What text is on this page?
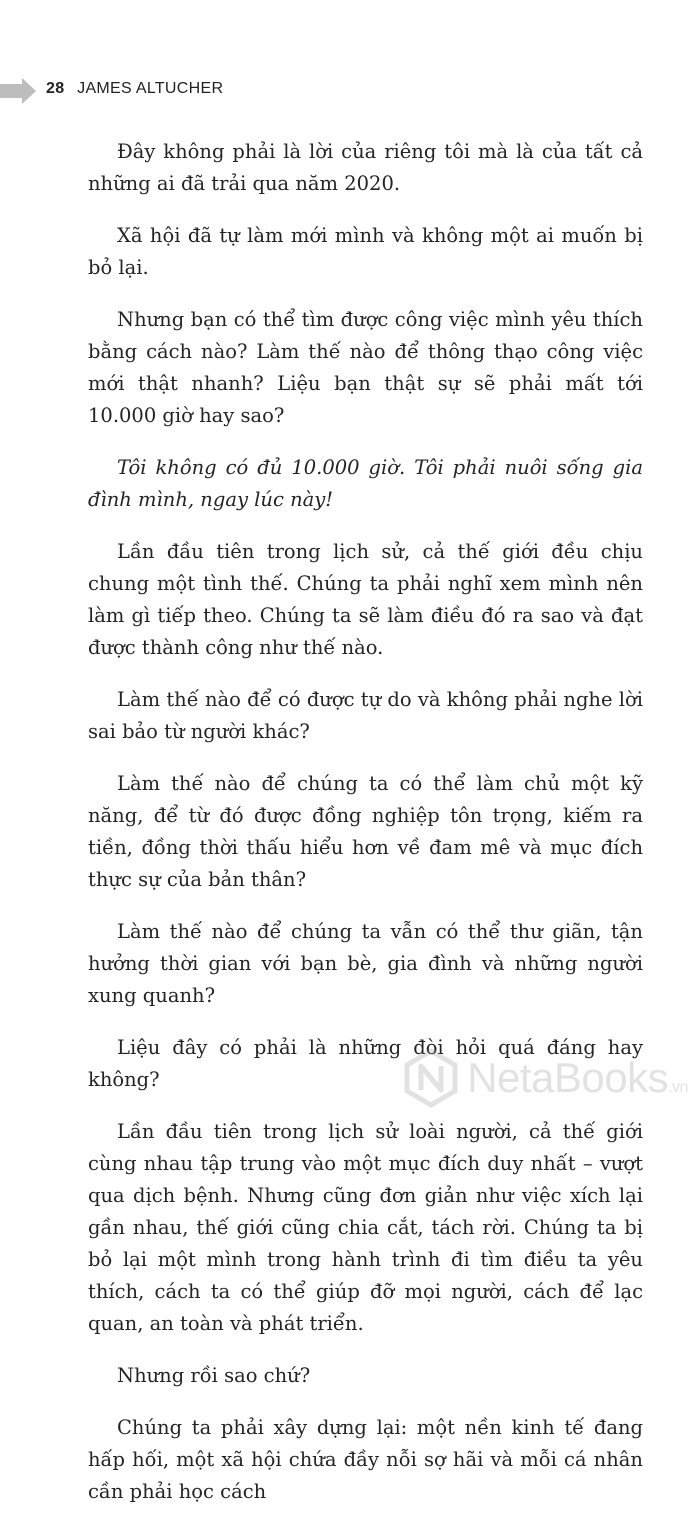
28 JAMES ALTUCHER

Đây không phải là lời của riêng tôi mà là của tất cả những ai đã trải qua năm 2020.

Xã hội đã tự làm mới mình và không một ai muốn bị bỏ lại.

Nhưng bạn có thể tìm được công việc mình yêu thích bằng cách nào? Làm thế nào để thông thạo công việc mới thật nhanh? Liệu bạn thật sự sẽ phải mất tới 10.000 giờ hay sao?

Tôi không có đủ 10.000 giờ. Tôi phải nuôi sống gia đình mình, ngay lúc này!

Lần đầu tiên trong lịch sử, cả thế giới đều chịu chung một tình thế. Chúng ta phải nghĩ xem mình nên làm gì tiếp theo. Chúng ta sẽ làm điều đó ra sao và đạt được thành công như thế nào.

Làm thế nào để có được tự do và không phải nghe lời sai bảo từ người khác?

Làm thế nào để chúng ta có thể làm chủ một kỹ năng, để từ đó được đồng nghiệp tôn trọng, kiếm ra tiền, đồng thời thấu hiểu hơn về đam mê và mục đích thực sự của bản thân?

Làm thế nào để chúng ta vẫn có thể thư giãn, tận hưởng thời gian với bạn bè, gia đình và những người xung quanh?

Liệu đây có phải là những đòi hỏi quá đáng hay không?

Lần đầu tiên trong lịch sử loài người, cả thế giới cùng nhau tập trung vào một mục đích duy nhất – vượt qua dịch bệnh. Nhưng cũng đơn giản như việc xích lại gần nhau, thế giới cũng chia cắt, tách rời. Chúng ta bị bỏ lại một mình trong hành trình đi tìm điều ta yêu thích, cách ta có thể giúp đỡ mọi người, cách để lạc quan, an toàn và phát triển.

Nhưng rồi sao chứ?

Chúng ta phải xây dựng lại: một nền kinh tế đang hấp hối, một xã hội chứa đầy nỗi sợ hãi và mỗi cá nhân cần phải học cách

NetaBooks.vn
